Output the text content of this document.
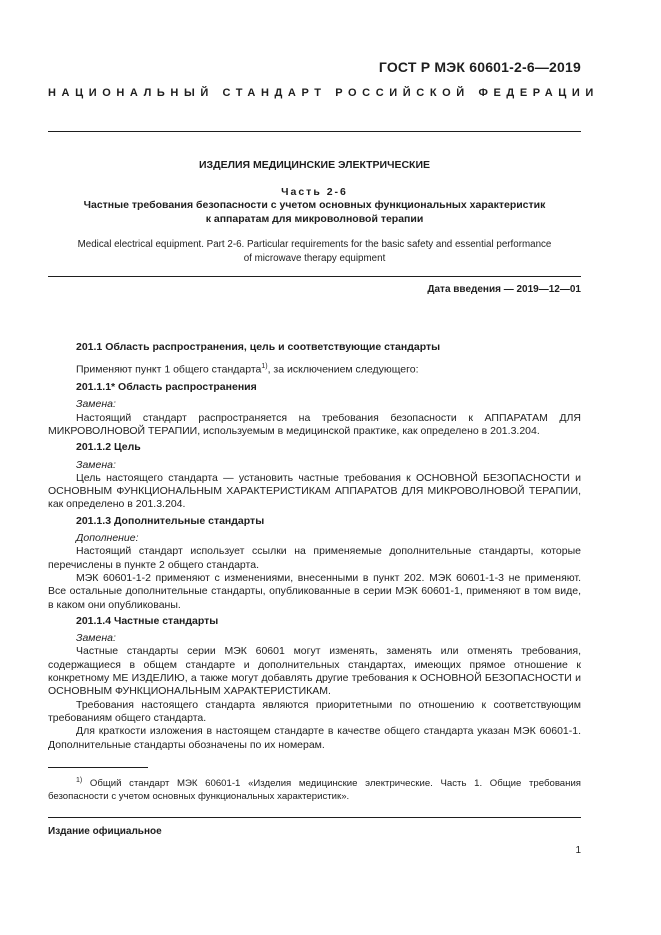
ГОСТ Р МЭК 60601-2-6—2019
НАЦИОНАЛЬНЫЙ СТАНДАРТ РОССИЙСКОЙ ФЕДЕРАЦИИ
ИЗДЕЛИЯ МЕДИЦИНСКИЕ ЭЛЕКТРИЧЕСКИЕ
Часть 2-6
Частные требования безопасности с учетом основных функциональных характеристик
к аппаратам для микроволновой терапии
Medical electrical equipment. Part 2-6. Particular requirements for the basic safety and essential performance
of microwave therapy equipment
Дата введения — 2019—12—01

201.1 Область распространения, цель и соответствующие стандарты

Применяют пункт 1 общего стандарта$^{1)}$, за исключением следующего:

201.1.1* Область распространения

Замена:

Настоящий стандарт распространяется на требования безопасности к АППАРАТАМ ДЛЯ МИКРОВОЛНОВОЙ ТЕРАПИИ, используемым в медицинской практике, как определено в 201.3.204.

201.1.2 Цель

Замена:

Цель настоящего стандарта — установить частные требования к ОСНОВНОЙ БЕЗОПАСНОСТИ и ОСНОВНЫМ ФУНКЦИОНАЛЬНЫМ ХАРАКТЕРИСТИКАМ АППАРАТОВ ДЛЯ МИКРОВОЛНОВОЙ ТЕРАПИИ, как определено в 201.3.204.

201.1.3 Дополнительные стандарты

Дополнение:

Настоящий стандарт использует ссылки на применяемые дополнительные стандарты, которые перечислены в пункте 2 общего стандарта.

МЭК 60601-1-2 применяют с изменениями, внесенными в пункт 202. МЭК 60601-1-3 не применяют. Все остальные дополнительные стандарты, опубликованные в серии МЭК 60601-1, применяют в том виде, в каком они опубликованы.

201.1.4 Частные стандарты

Замена:

Частные стандарты серии МЭК 60601 могут изменять, заменять или отменять требования, содержащиеся в общем стандарте и дополнительных стандартах, имеющих прямое отношение к конкретному МЕ ИЗДЕЛИЮ, а также могут добавлять другие требования к ОСНОВНОЙ БЕЗОПАСНОСТИ и ОСНОВНЫМ ФУНКЦИОНАЛЬНЫМ ХАРАКТЕРИСТИКАМ.

Требования настоящего стандарта являются приоритетными по отношению к соответствующим требованиям общего стандарта.

Для краткости изложения в настоящем стандарте в качестве общего стандарта указан МЭК 60601-1. Дополнительные стандарты обозначены по их номерам.

$^{1)}$ Общий стандарт МЭК 60601-1 «Изделия медицинские электрические. Часть 1. Общие требования безопасности с учетом основных функциональных характеристик».
Издание официальное
1
